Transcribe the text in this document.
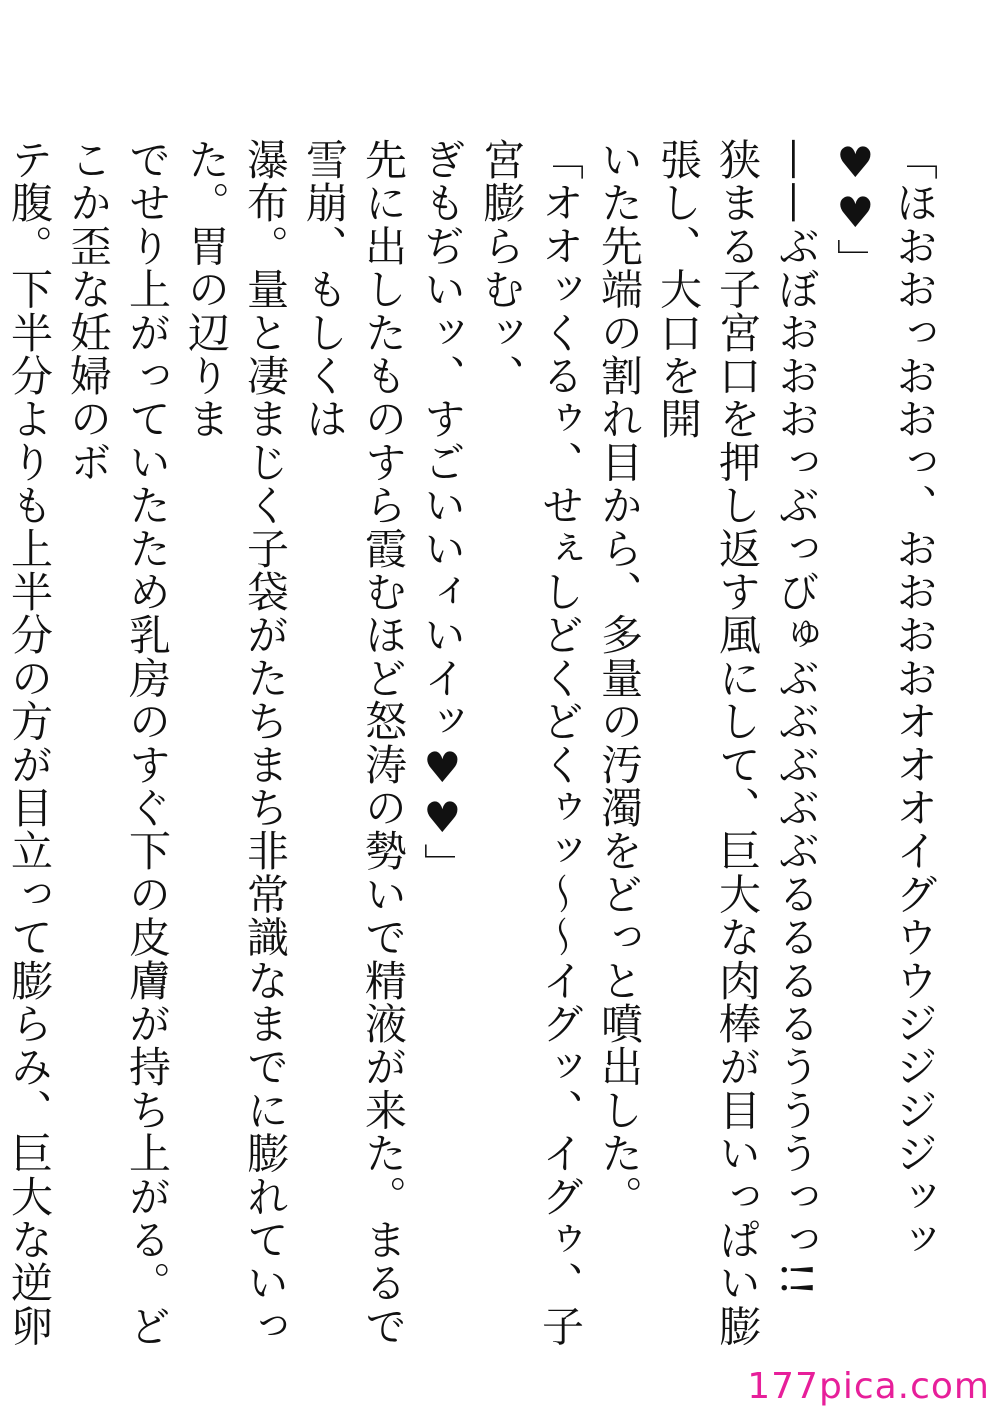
「ほおおっおおっ、おおおおオオオイグウウジジジジッッ♥♥」

——ぶぼおおおっぶっびゅぶぶぶぶぶるるるるうううっっ!!

狭まる子宮口を押し返す風にして、巨大な肉棒が目いっぱい膨張し、大口を開

いた先端の割れ目から、多量の汚濁をどっと噴出した。

「オオッくるゥ、せぇしどくどくゥッ～～イグッ、イグゥ、子宮膨らむッ、

ぎもぢいッ、すごいいィいイッ♥♥」

先に出したものすら霞むほど怒涛の勢いで精液が来た。まるで雪崩、もしくは

瀑布。量と凄まじく子袋がたちまち非常識なまでに膨れていった。胃の辺りま

でせり上がっていたため乳房のすぐ下の皮膚が持ち上がる。どこか歪な妊婦のボ

テ腹。下半分よりも上半分の方が目立って膨らみ、巨大な逆卵

177pica.com
